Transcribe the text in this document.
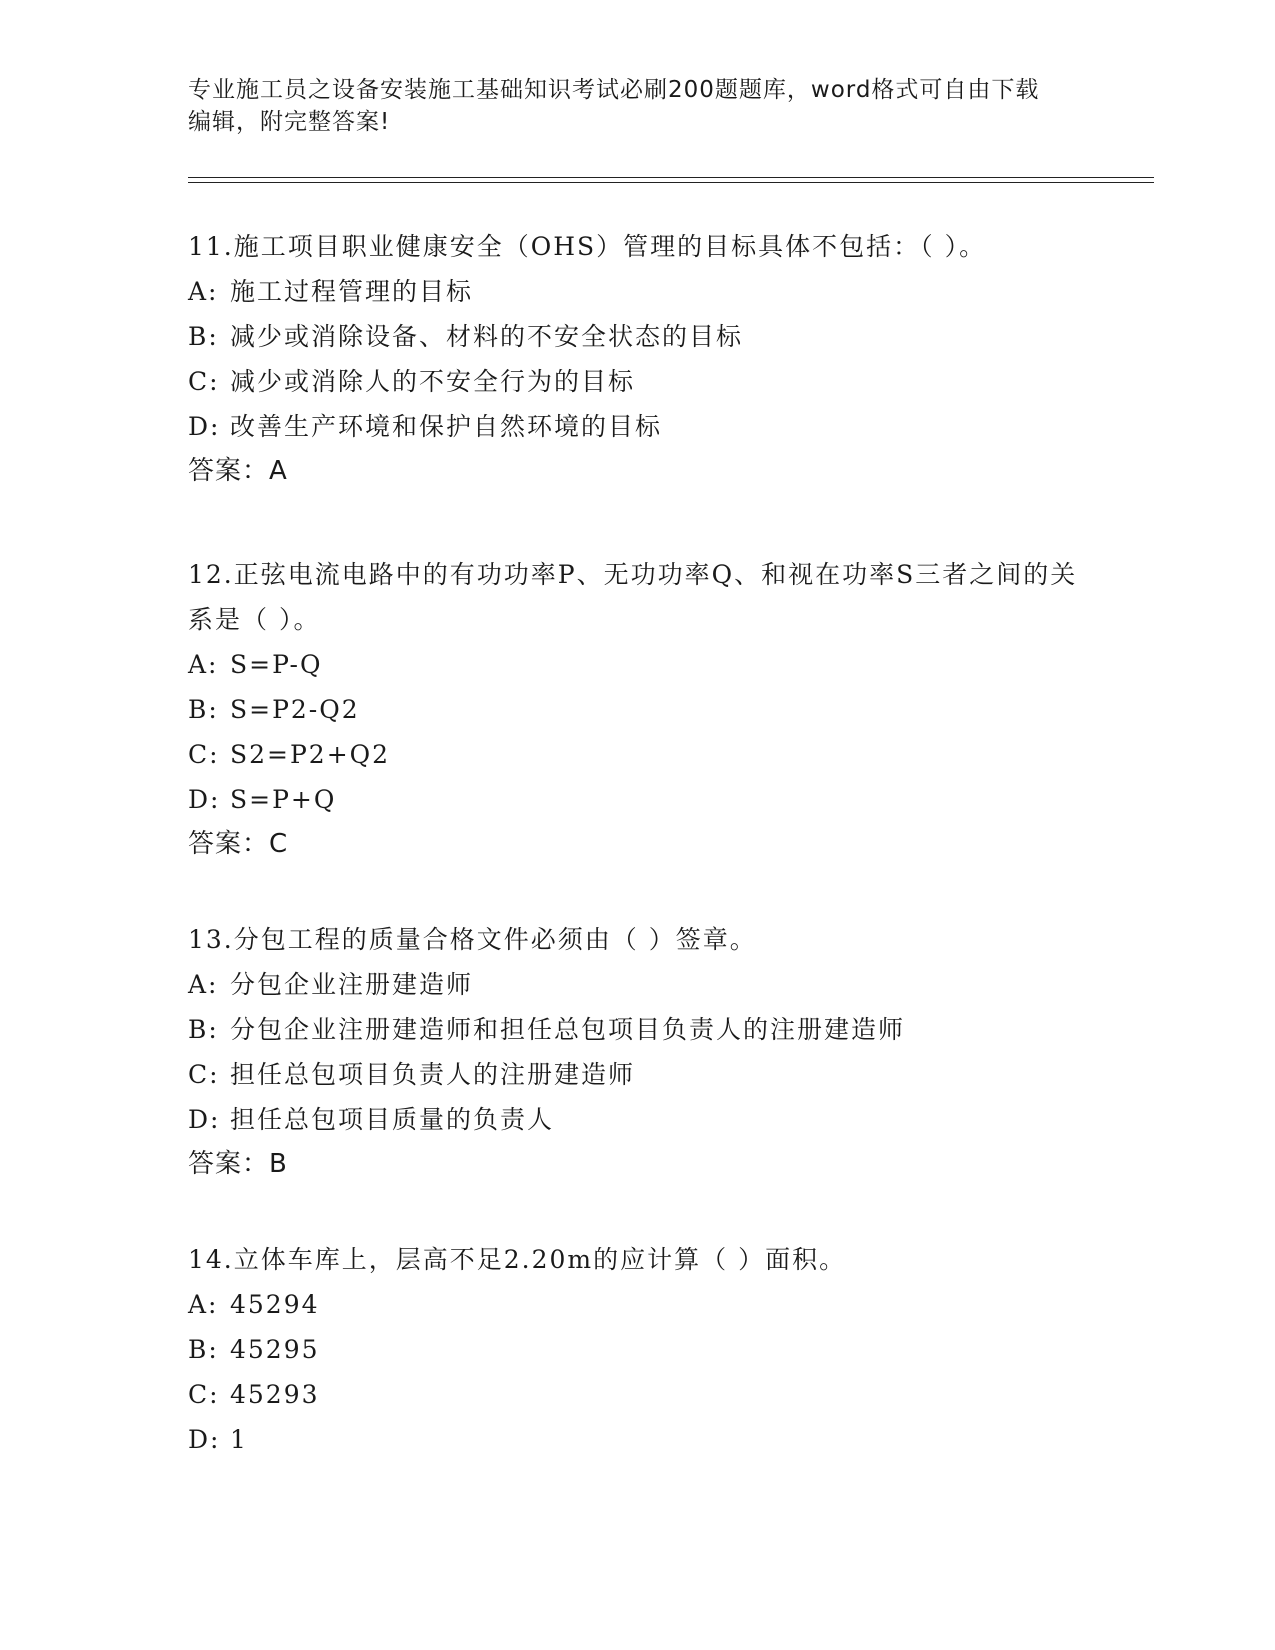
专业施工员之设备安装施工基础知识考试必刷200题题库，word格式可自由下载
编辑，附完整答案!
11.施工项目职业健康安全（OHS）管理的目标具体不包括：（ ）。
A: 施工过程管理的目标
B: 减少或消除设备、材料的不安全状态的目标
C: 减少或消除人的不安全行为的目标
D: 改善生产环境和保护自然环境的目标
答案：A
12.正弦电流电路中的有功功率P、无功功率Q、和视在功率S三者之间的关系是（ ）。
A: S=P-Q
B: S=P2-Q2
C: S2=P2+Q2
D: S=P+Q
答案：C
13.分包工程的质量合格文件必须由（ ）签章。
A: 分包企业注册建造师
B: 分包企业注册建造师和担任总包项目负责人的注册建造师
C: 担任总包项目负责人的注册建造师
D: 担任总包项目质量的负责人
答案：B
14.立体车库上，层高不足2.20m的应计算（ ）面积。
A: 45294
B: 45295
C: 45293
D: 1
